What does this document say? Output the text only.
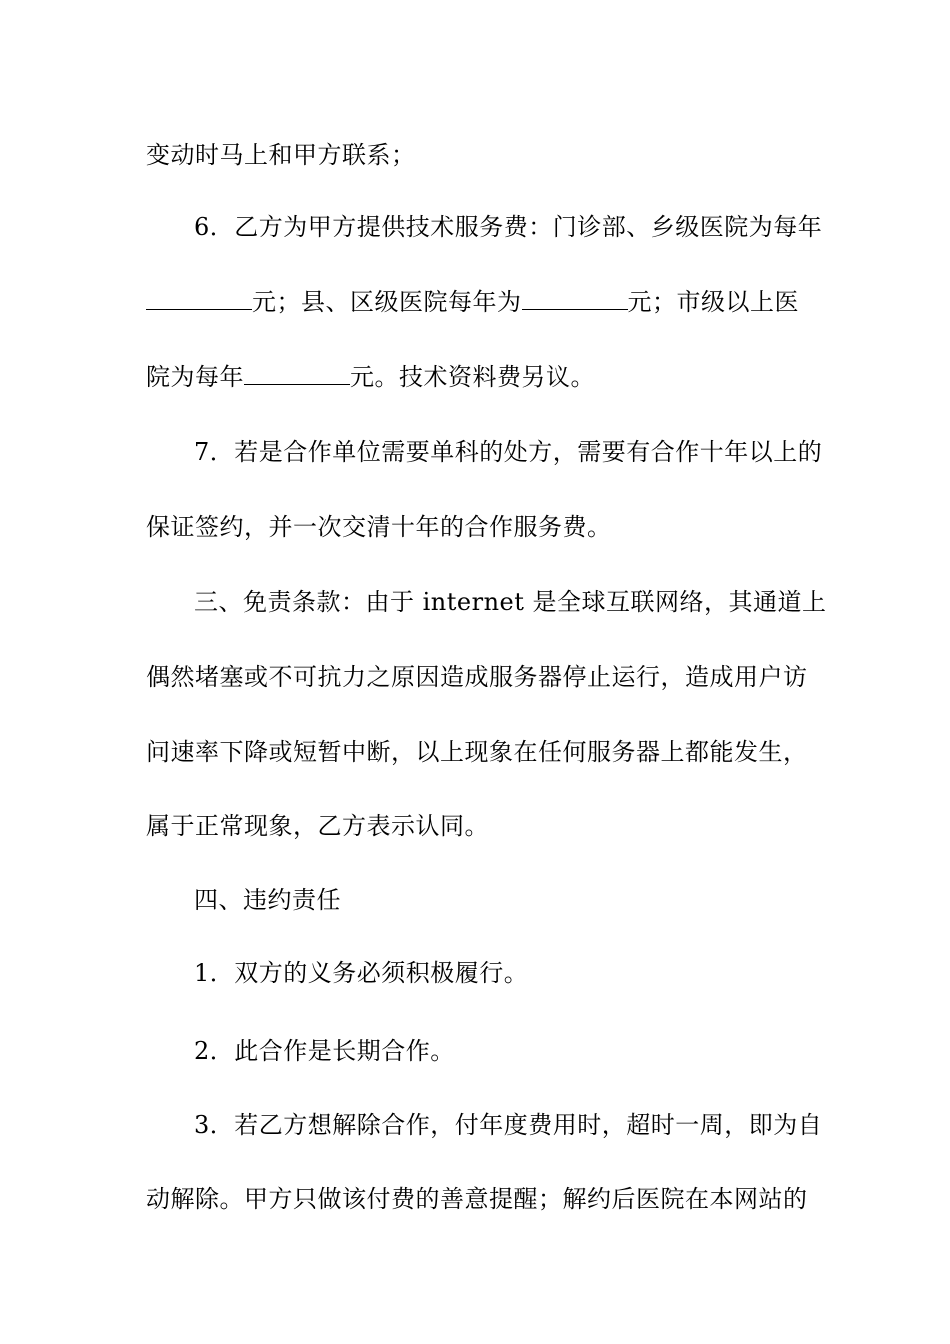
变动时马上和甲方联系；
6．乙方为甲方提供技术服务费：门诊部、乡级医院为每年
元；县、区级医院每年为	元；市级以上医
院为每年	元。技术资料费另议。
7．若是合作单位需要单科的处方，需要有合作十年以上的
保证签约，并一次交清十年的合作服务费。
三、免责条款：由于 internet 是全球互联网络，其通道上
偶然堵塞或不可抗力之原因造成服务器停止运行，造成用户访
问速率下降或短暂中断，以上现象在任何服务器上都能发生，
属于正常现象，乙方表示认同。
四、违约责任
1．双方的义务必须积极履行。
2．此合作是长期合作。
3．若乙方想解除合作，付年度费用时，超时一周，即为自
动解除。甲方只做该付费的善意提醒；解约后医院在本网站的
